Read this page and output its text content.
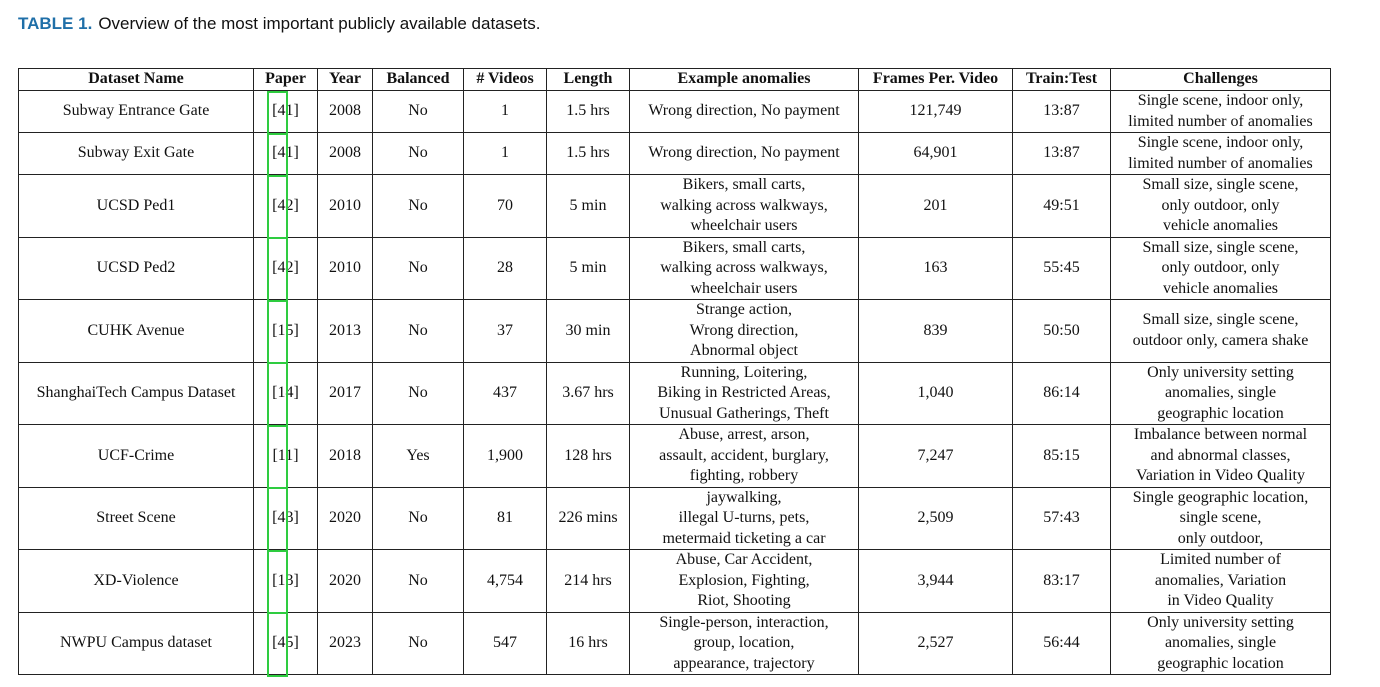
TABLE 1. Overview of the most important publicly available datasets.
Dataset Name	Paper	Year	Balanced	# Videos	Length	Example anomalies	Frames Per. Video	Train:Test	Challenges
Subway Entrance Gate	[ 41 ]	2008	No	1	1.5 hrs	Wrong direction, No payment	121,749	13:87	Single scene, indoor only,
limited number of anomalies

Subway Exit Gate	[ 41 ]	2008	No	1	1.5 hrs	Wrong direction, No payment	64,901	13:87	Single scene, indoor only,
limited number of anomalies

UCSD Ped1	[ 42 ]	2010	No	70	5 min	Bikers, small carts,
walking across walkways,
wheelchair users	201	49:51	Small size, single scene,
only outdoor, only
vehicle anomalies

UCSD Ped2	[ 42 ]	2010	No	28	5 min	Bikers, small carts,
walking across walkways,
wheelchair users	163	55:45	Small size, single scene,
only outdoor, only
vehicle anomalies

CUHK Avenue	[ 15 ]	2013	No	37	30 min	Strange action,
Wrong direction,
Abnormal object	839	50:50	Small size, single scene,
outdoor only, camera shake

ShanghaiTech Campus Dataset	[ 14 ]	2017	No	437	3.67 hrs	Running, Loitering,
Biking in Restricted Areas,
Unusual Gatherings, Theft	1,040	86:14	Only university setting
anomalies, single
geographic location

UCF-Crime	[ 11 ]	2018	Yes	1,900	128 hrs	Abuse, arrest, arson,
assault, accident, burglary,
fighting, robbery	7,247	85:15	Imbalance between normal
and abnormal classes,
Variation in Video Quality

Street Scene	[ 43 ]	2020	No	81	226 mins	jaywalking,
illegal U-turns, pets,
metermaid ticketing a car	2,509	57:43	Single geographic location,
single scene,
only outdoor,

XD-Violence	[ 13 ]	2020	No	4,754	214 hrs	Abuse, Car Accident,
Explosion, Fighting,
Riot, Shooting	3,944	83:17	Limited number of
anomalies, Variation
in Video Quality

NWPU Campus dataset	[ 45 ]	2023	No	547	16 hrs	Single-person, interaction,
group, location,
appearance, trajectory	2,527	56:44	Only university setting
anomalies, single
geographic location
